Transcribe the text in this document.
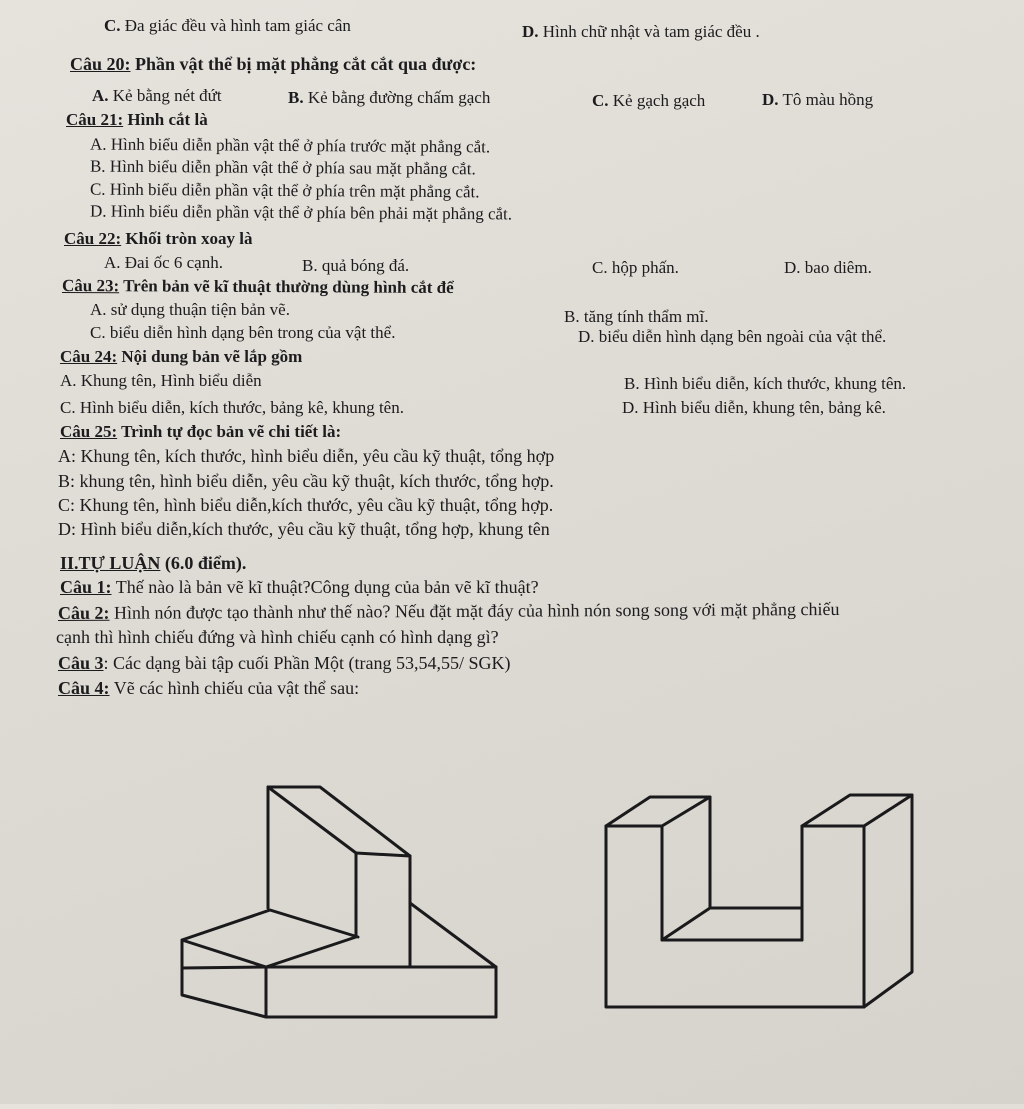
C. Đa giác đều và hình tam giác cân	D. Hình chữ nhật và tam giác đều .
Câu 20: Phần vật thể bị mặt phẳng cắt cắt qua được:
A. Kẻ bằng nét đứt	B. Kẻ bằng đường chấm gạch	C. Kẻ gạch gạch	D. Tô màu hồng
Câu 21: Hình cắt là
A. Hình biểu diễn phần vật thể ở phía trước mặt phẳng cắt.
B. Hình biểu diễn phần vật thể ở phía sau mặt phẳng cắt.
C. Hình biểu diễn phần vật thể ở phía trên mặt phẳng cắt.
D. Hình biểu diễn phần vật thể ở phía bên phải mặt phẳng cắt.
Câu 22: Khối tròn xoay là
A. Đai ốc 6 cạnh.	B. quả bóng đá.	C. hộp phấn.	D. bao diêm.
Câu 23: Trên bản vẽ kĩ thuật thường dùng hình cắt để
A. sử dụng thuận tiện bản vẽ.	B. tăng tính thẩm mĩ.
C. biểu diễn hình dạng bên trong của vật thể.	D. biểu diễn hình dạng bên ngoài của vật thể.
Câu 24: Nội dung bản vẽ lắp gồm
A. Khung tên, Hình biểu diễn	B. Hình biểu diễn, kích thước, khung tên.
C. Hình biểu diễn, kích thước, bảng kê, khung tên.	D. Hình biểu diễn, khung tên, bảng kê.
Câu 25: Trình tự đọc bản vẽ chi tiết là:
A: Khung tên, kích thước, hình biểu diễn, yêu cầu kỹ thuật, tổng hợp
B: khung tên, hình biểu diễn, yêu cầu kỹ thuật, kích thước, tổng hợp.
C: Khung tên, hình biểu diễn,kích thước, yêu cầu kỹ thuật, tổng hợp.
D: Hình biểu diễn,kích thước, yêu cầu kỹ thuật, tổng hợp, khung tên
II.TỰ LUẬN (6.0 điểm).
Câu 1: Thế nào là bản vẽ kĩ thuật?Công dụng của bản vẽ kĩ thuật?
Câu 2: Hình nón được tạo thành như thế nào? Nếu đặt mặt đáy của hình nón song song với mặt phẳng chiếu
cạnh thì hình chiếu đứng và hình chiếu cạnh có hình dạng gì?
Câu 3: Các dạng bài tập cuối Phần Một (trang 53,54,55/ SGK)
Câu 4: Vẽ các hình chiếu của vật thể sau:
